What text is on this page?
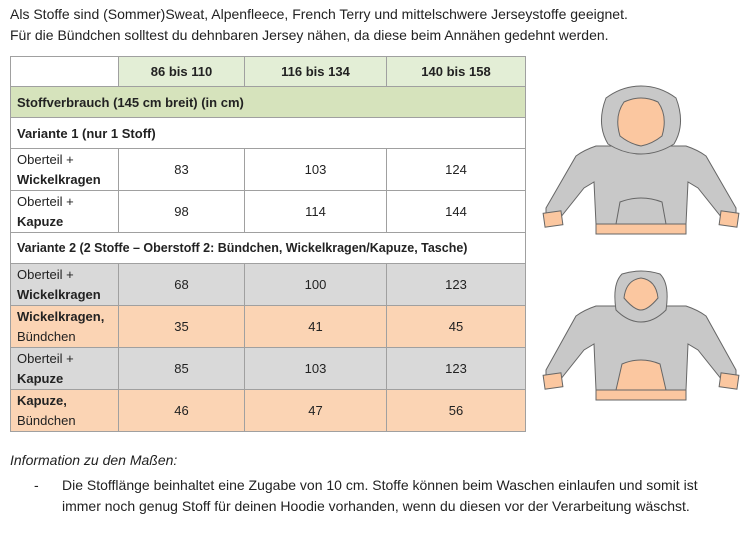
Als Stoffe sind (Sommer)Sweat, Alpenfleece, French Terry und mittelschwere Jerseystoffe geeignet.

Für die Bündchen solltest du dehnbaren Jersey nähen, da diese beim Annähen gedehnt werden.

	86 bis 110	116 bis 134	140 bis 158
Stoffverbrauch (145 cm breit) (in cm)			
Variante 1 (nur 1 Stoff)			
Oberteil +
Wickelkragen	83	103	124
Oberteil +
Kapuze	98	114	144
Variante 2 (2 Stoffe – Oberstoff 2: Bündchen, Wickelkragen/Kapuze, Tasche)			
Oberteil +
Wickelkragen	68	100	123
Wickelkragen,
Bündchen	35	41	45
Oberteil +
Kapuze	85	103	123
Kapuze,
Bündchen	46	47	56

Information zu den Maßen:

-	Die Stofflänge beinhaltet eine Zugabe von 10 cm. Stoffe können beim Waschen einlaufen und somit ist immer noch genug Stoff für deinen Hoodie vorhanden, wenn du diesen vor der Verarbeitung wäschst.
